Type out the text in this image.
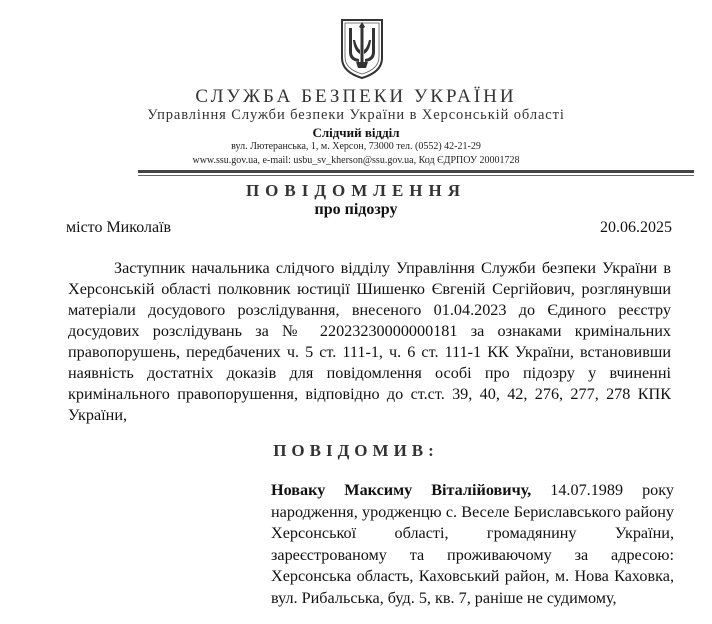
СЛУЖБА БЕЗПЕКИ УКРАЇНИ
Управління Служби безпеки України в Херсонській області
Слідчий відділ
вул. Лютеранська, 1, м. Херсон, 73000 тел. (0552) 42-21-29
www.ssu.gov.ua, e-mail: usbu_sv_kherson@ssu.gov.ua, Код ЄДРПОУ 20001728
ПОВІДОМЛЕННЯ
про підозру
місто Миколаїв	20.06.2025
Заступник начальника слідчого відділу Управління Служби безпеки України в Херсонській області полковник юстиції Шишенко Євгеній Сергійович, розглянувши матеріали досудового розслідування, внесеного 01.04.2023 до Єдиного реєстру досудових розслідувань за № 22023230000000181 за ознаками кримінальних правопорушень, передбачених ч. 5 ст. 111-1, ч. 6 ст. 111-1 КК України, встановивши наявність достатніх доказів для повідомлення особі про підозру у вчиненні кримінального правопорушення, відповідно до ст.ст. 39, 40, 42, 276, 277, 278 КПК України,
ПОВІДОМИВ:
Новаку Максиму Віталійовичу, 14.07.1989 року народження, уродженцю с. Веселе Бериславського району Херсонської області, громадянину України, зареєстрованому та проживаючому за адресою: Херсонська область, Каховський район, м. Нова Каховка, вул. Рибальська, буд. 5, кв. 7, раніше не судимому,
